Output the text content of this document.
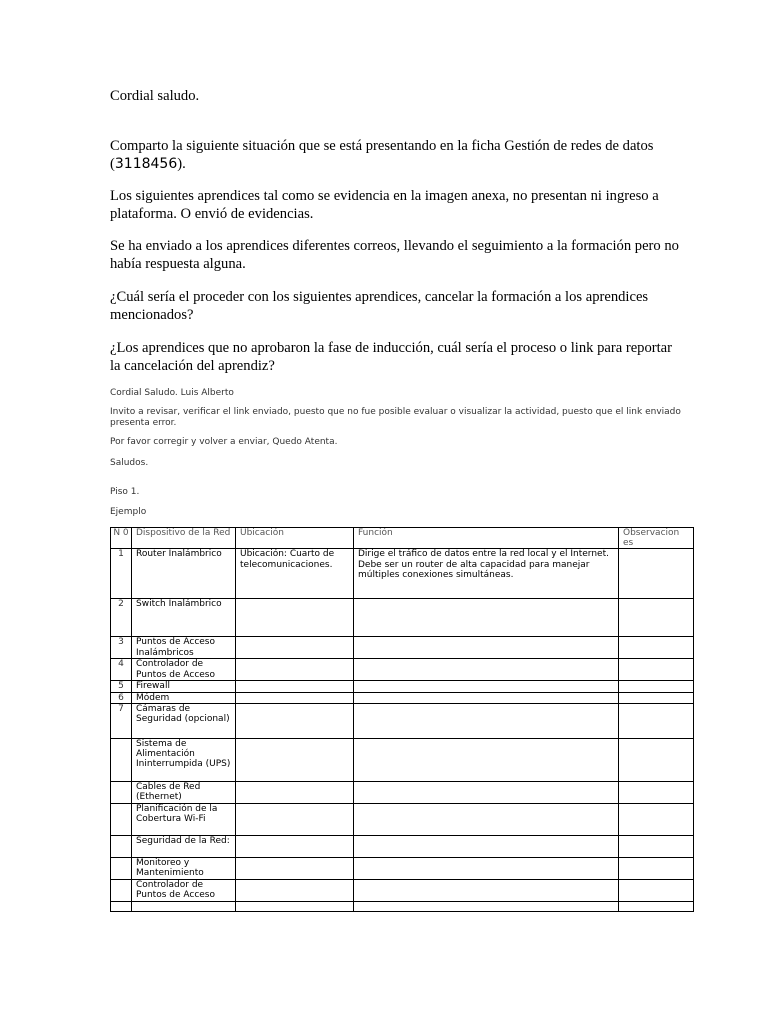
Cordial saludo.

Comparto la siguiente situación que se está presentando en la ficha Gestión de redes de datos (3118456).

Los siguientes aprendices tal como se evidencia en la imagen anexa, no presentan ni ingreso a plataforma. O envió de evidencias.

Se ha enviado a los aprendices diferentes correos, llevando el seguimiento a la formación pero no había respuesta alguna.

¿Cuál sería el proceder con los siguientes aprendices, cancelar la formación a los aprendices mencionados?

¿Los aprendices que no aprobaron la fase de inducción, cuál sería el proceso o link para reportar la cancelación del aprendiz?

Cordial Saludo. Luis Alberto

Invito a revisar, verificar el link enviado, puesto que no fue posible evaluar o visualizar la actividad, puesto que el link enviado presenta error.

Por favor corregir y volver a enviar, Quedo Atenta.

Saludos.

Piso 1.

Ejemplo

N 0	Dispositivo de la Red	Ubicación	Función	Observacion es
1	Router Inalámbrico	Ubicación: Cuarto de telecomunicaciones.	Dirige el tráfico de datos entre la red local y el Internet. Debe ser un router de alta capacidad para manejar múltiples conexiones simultáneas.	
2	Switch Inalámbrico			
3	Puntos de Acceso Inalámbricos			
4	Controlador de Puntos de Acceso			
5	Firewall			
6	Módem			
7	Cámaras de Seguridad (opcional)			
	Sistema de Alimentación Ininterrumpida (UPS)			
	Cables de Red (Ethernet)			
	Planificación de la Cobertura Wi-Fi			
	Seguridad de la Red:			
	Monitoreo y Mantenimiento			
	Controlador de Puntos de Acceso			
